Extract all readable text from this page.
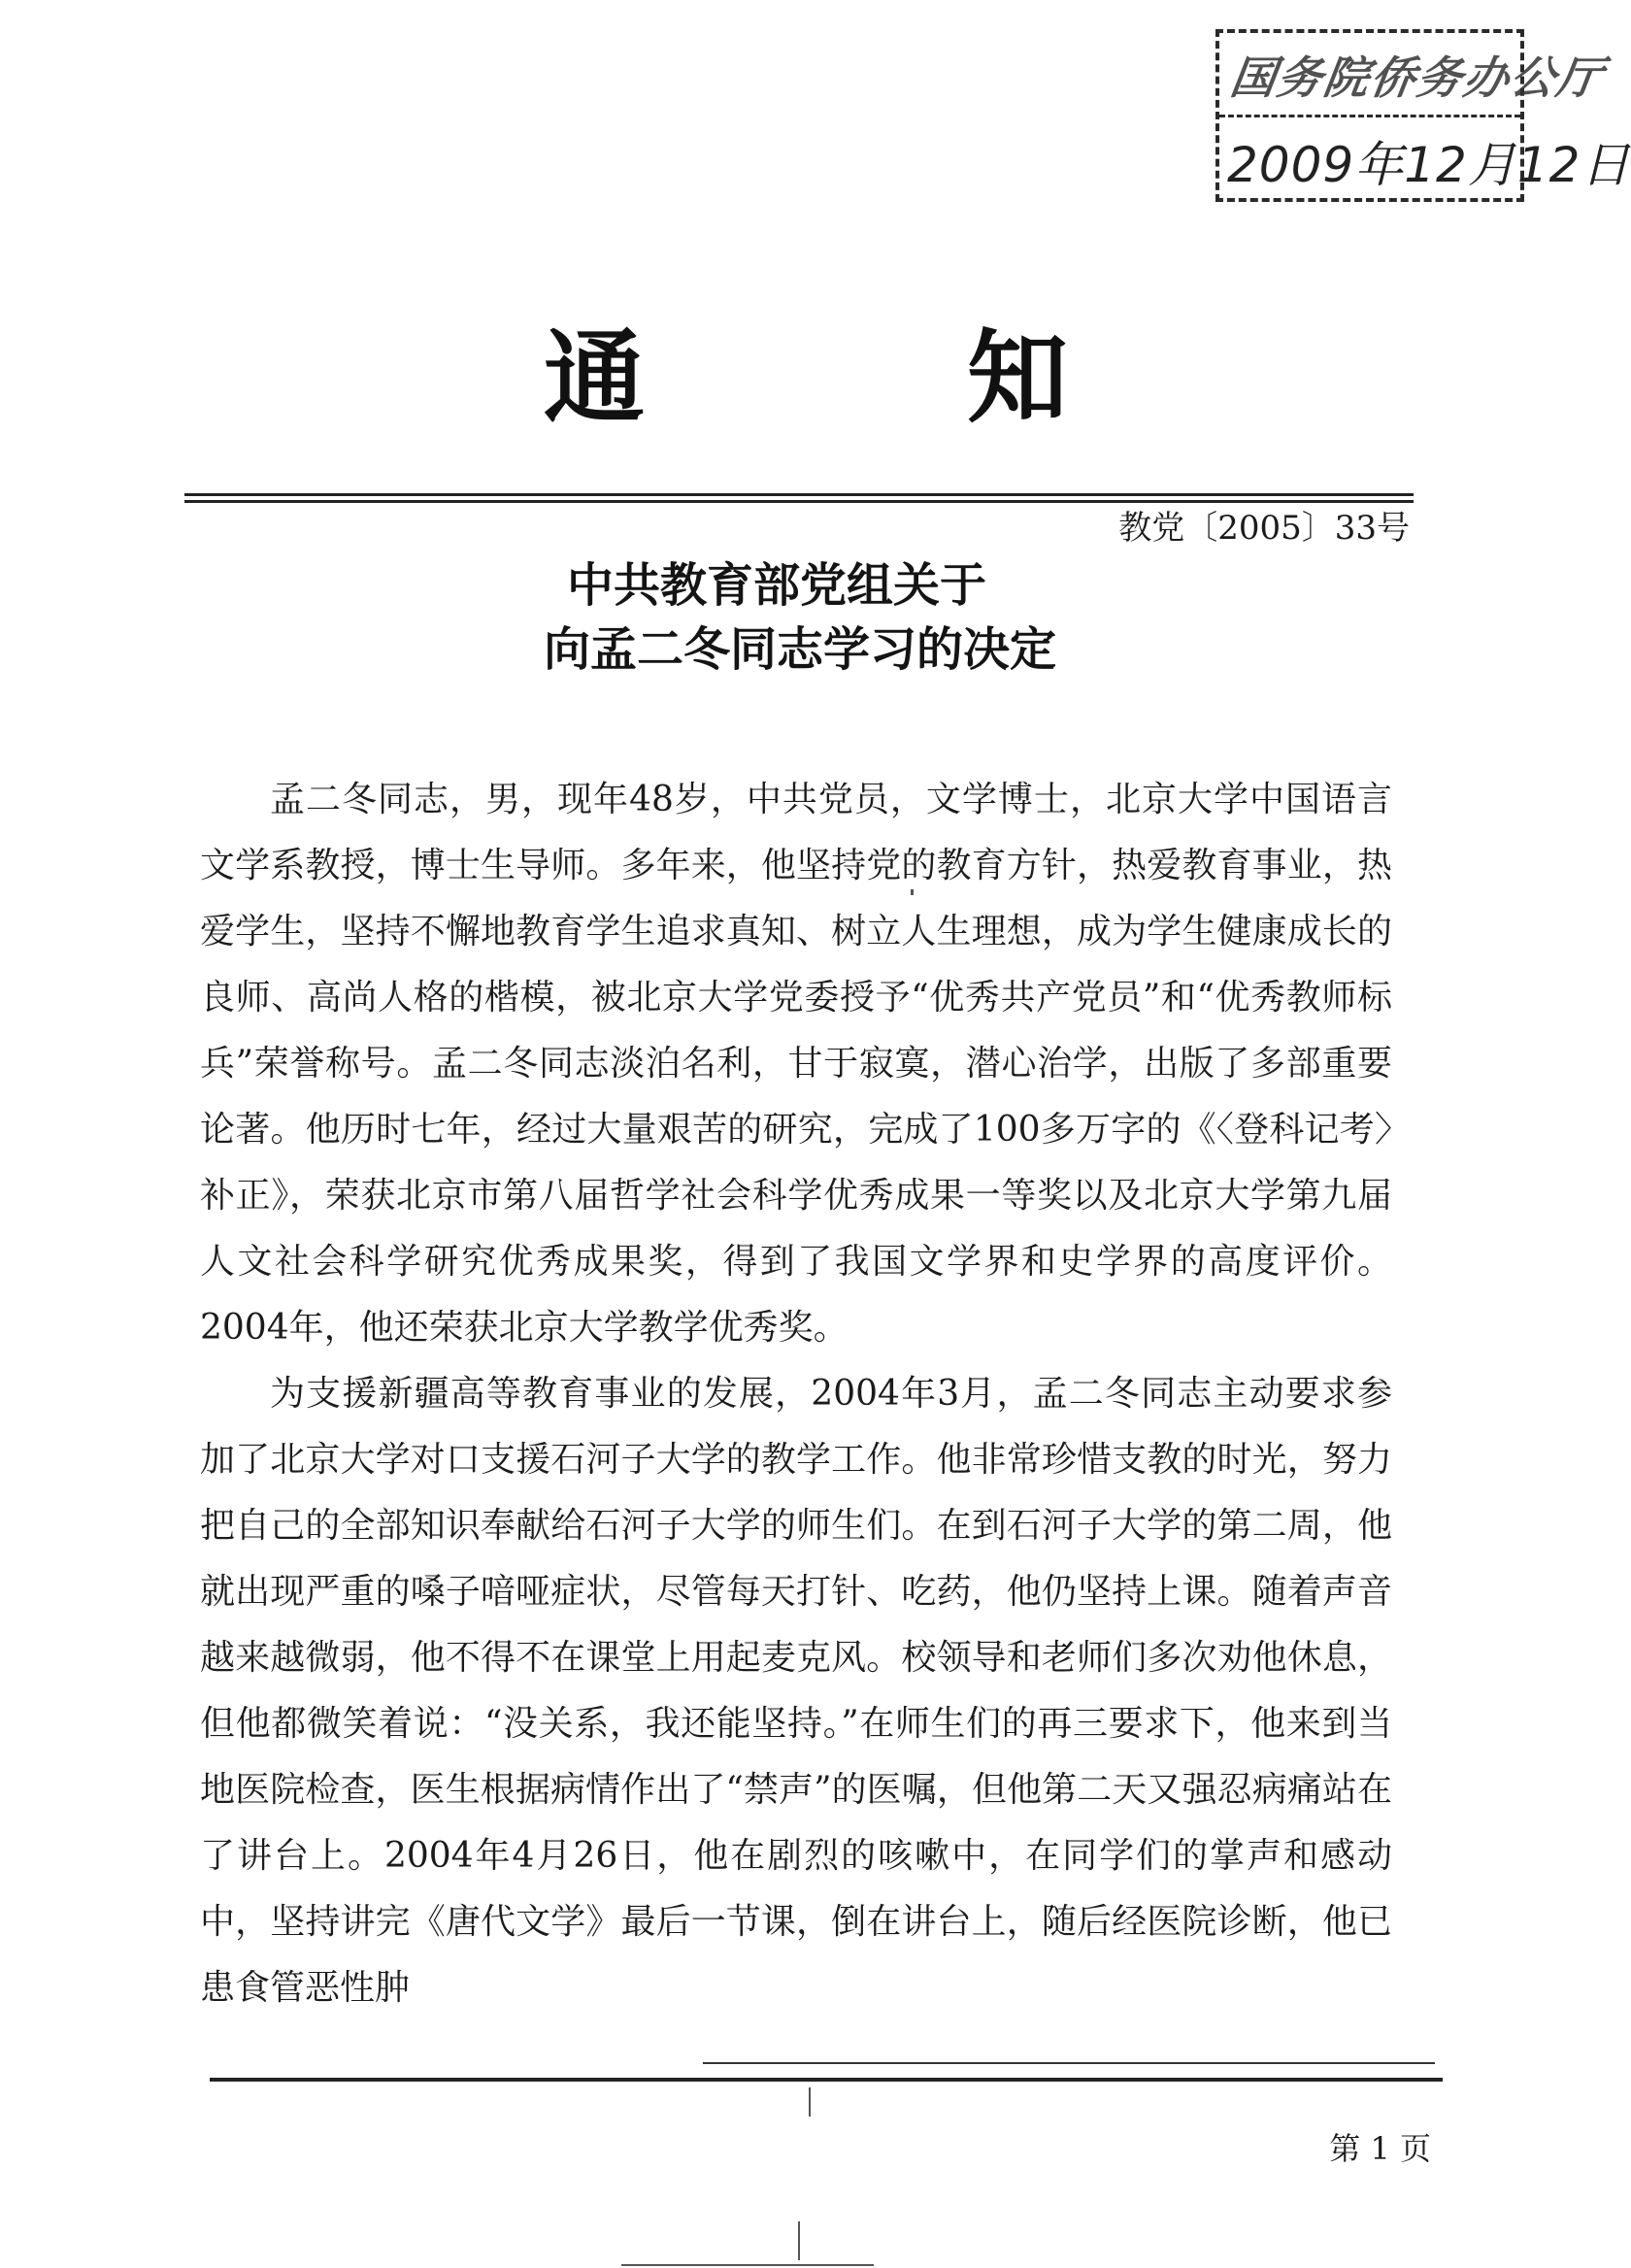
国务院侨务办公厅
2009年12月12日
通	知
教党〔2005〕33号
中共教育部党组关于
向孟二冬同志学习的决定

孟二冬同志，男，现年48岁，中共党员，文学博士，北京大学中国语言文学系教授，博士生导师。多年来，他坚持党的教育方针，热爱教育事业，热爱学生，坚持不懈地教育学生追求真知、树立人生理想，成为学生健康成长的良师、高尚人格的楷模，被北京大学党委授予“优秀共产党员”和“优秀教师标兵”荣誉称号。孟二冬同志淡泊名利，甘于寂寞，潜心治学，出版了多部重要论著。他历时七年，经过大量艰苦的研究，完成了100多万字的《〈登科记考〉补正》，荣获北京市第八届哲学社会科学优秀成果一等奖以及北京大学第九届人文社会科学研究优秀成果奖，得到了我国文学界和史学界的高度评价。2004年，他还荣获北京大学教学优秀奖。

为支援新疆高等教育事业的发展，2004年3月，孟二冬同志主动要求参加了北京大学对口支援石河子大学的教学工作。他非常珍惜支教的时光，努力把自己的全部知识奉献给石河子大学的师生们。在到石河子大学的第二周，他就出现严重的嗓子喑哑症状，尽管每天打针、吃药，他仍坚持上课。随着声音越来越微弱，他不得不在课堂上用起麦克风。校领导和老师们多次劝他休息，但他都微笑着说：“没关系，我还能坚持。”在师生们的再三要求下，他来到当地医院检查，医生根据病情作出了“禁声”的医嘱，但他第二天又强忍病痛站在了讲台上。2004年4月26日，他在剧烈的咳嗽中，在同学们的掌声和感动中，坚持讲完《唐代文学》最后一节课，倒在讲台上，随后经医院诊断，他已患食管恶性肿

第 1 页
